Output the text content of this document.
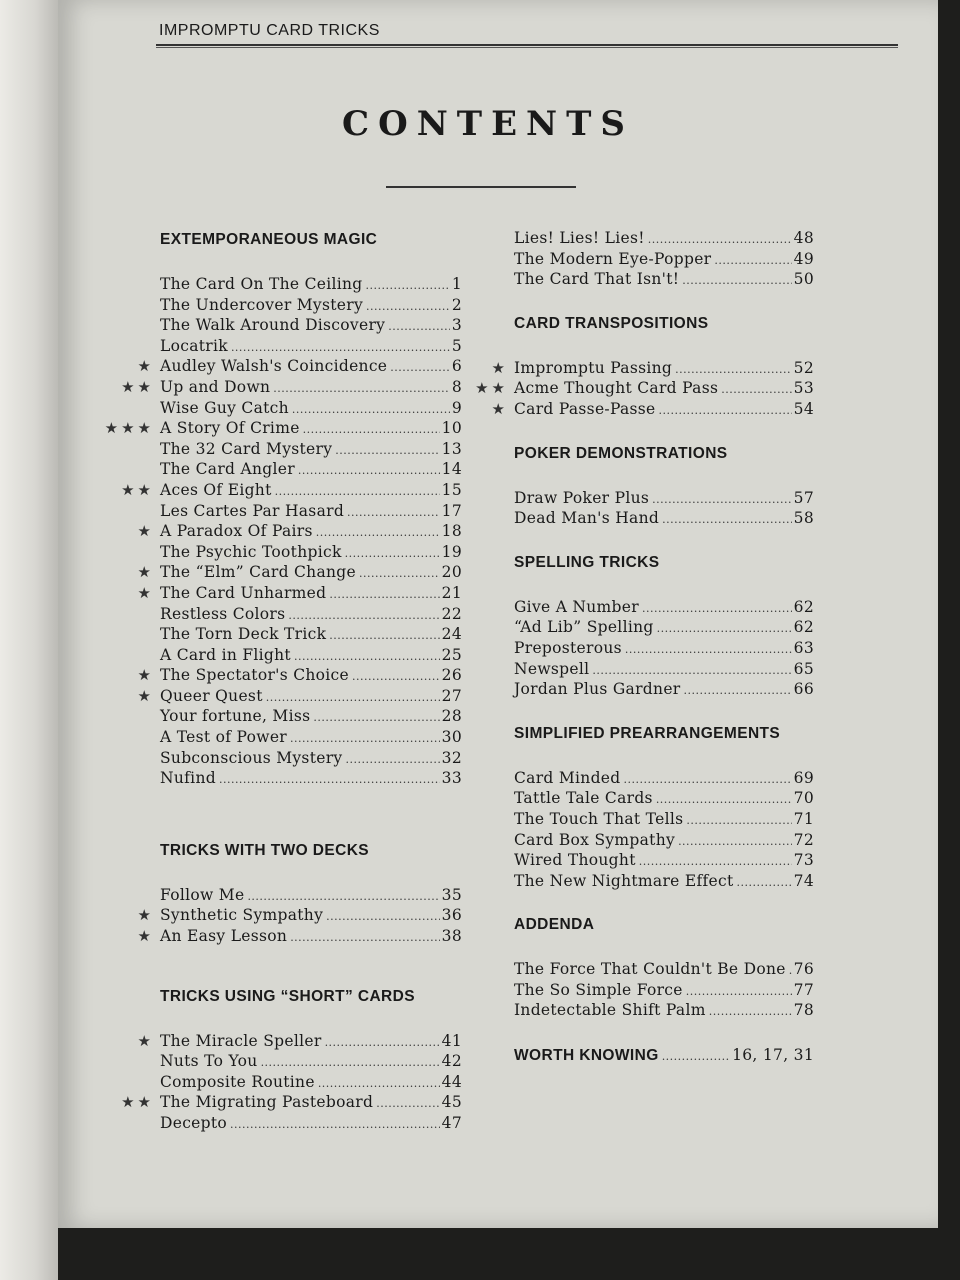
IMPROMPTU CARD TRICKS
CONTENTS
EXTEMPORANEOUS MAGIC
The Card On The Ceiling .....	1
The Undercover Mystery .....	2
The Walk Around Discovery .....	3
Locatrik .....	5
★ Audley Walsh's Coincidence .....	6
★★ Up and Down .....	8
Wise Guy Catch .....	9
★★★ A Story Of Crime .....	10
The 32 Card Mystery .....	13
The Card Angler .....	14
★★ Aces Of Eight .....	15
Les Cartes Par Hasard .....	17
★ A Paradox Of Pairs .....	18
The Psychic Toothpick .....	19
★ The “Elm” Card Change .....	20
★ The Card Unharmed .....	21
Restless Colors .....	22
The Torn Deck Trick .....	24
A Card in Flight .....	25
★ The Spectator's Choice .....	26
★ Queer Quest .....	27
Your fortune, Miss .....	28
A Test of Power .....	30
Subconscious Mystery .....	32
Nufind .....	33
TRICKS WITH TWO DECKS
Follow Me .....	35
★ Synthetic Sympathy .....	36
★ An Easy Lesson .....	38
TRICKS USING “SHORT” CARDS
★ The Miracle Speller .....	41
Nuts To You .....	42
Composite Routine .....	44
★★ The Migrating Pasteboard .....	45
Decepto .....	47
Lies! Lies! Lies! .....	48
The Modern Eye-Popper .....	49
The Card That Isn't! .....	50
CARD TRANSPOSITIONS
★ Impromptu Passing .....	52
★★ Acme Thought Card Pass .....	53
★ Card Passe-Passe .....	54
POKER DEMONSTRATIONS
Draw Poker Plus .....	57
Dead Man's Hand .....	58
SPELLING TRICKS
Give A Number .....	62
“Ad Lib” Spelling .....	62
Preposterous .....	63
Newspell .....	65
Jordan Plus Gardner .....	66
SIMPLIFIED PREARRANGEMENTS
Card Minded .....	69
Tattle Tale Cards .....	70
The Touch That Tells .....	71
Card Box Sympathy .....	72
Wired Thought .....	73
The New Nightmare Effect .....	74
ADDENDA
The Force That Couldn't Be Done ..... 76
The So Simple Force .....	77
Indetectable Shift Palm .....	78
WORTH KNOWING .....	16, 17, 31
